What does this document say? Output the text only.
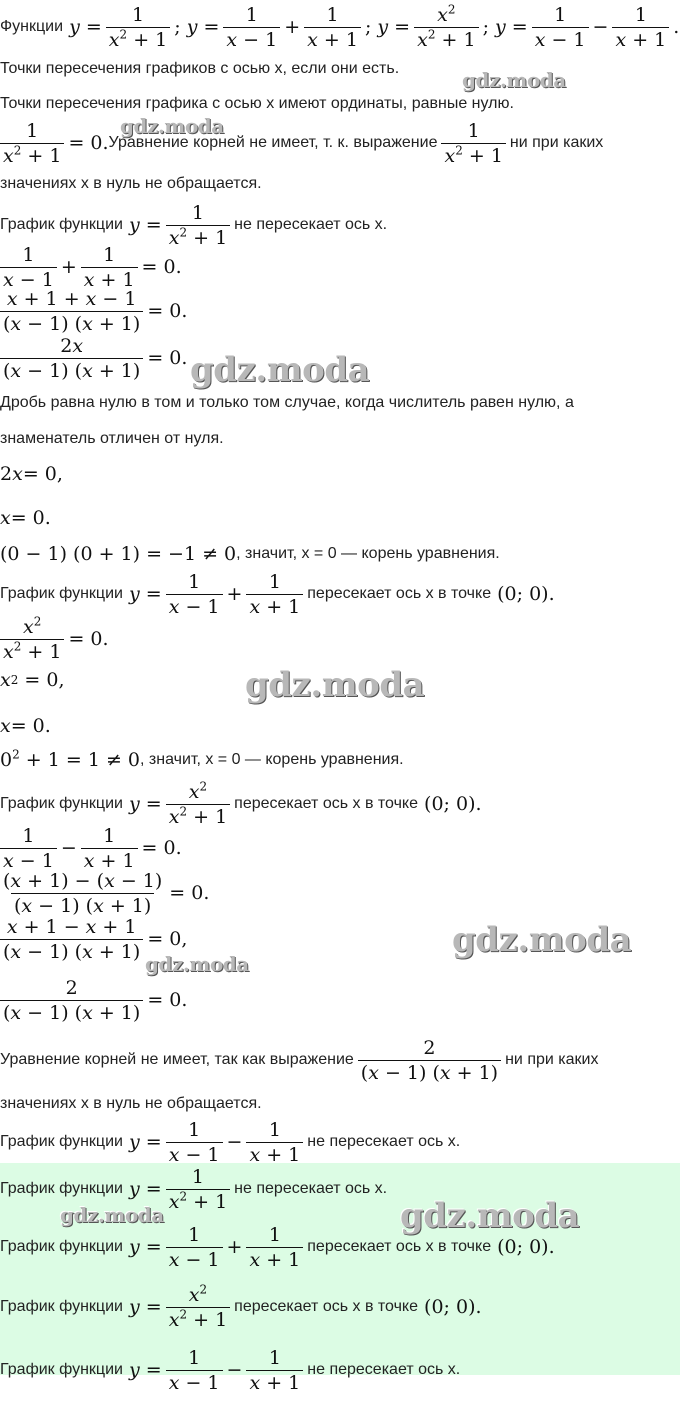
Функции $y = \frac{1}{x^2 + 1}$ ; $y = \frac{1}{x - 1} + \frac{1}{x + 1}$ ; $y = \frac{x^2}{x^2 + 1}$ ; $y = \frac{1}{x - 1} - \frac{1}{x + 1}$ .
Точки пересечения графиков с осью x, если они есть.	gdz.moda
Точки пересечения графика с осью x имеют ординаты, равные нулю.
gdz.moda
$\frac{1}{x^2 + 1} = 0$. Уравнение корней не имеет, т. к. выражение $\frac{1}{x^2 + 1}$ ни при каких
значениях x в нуль не обращается.
График функции $y = \frac{1}{x^2 + 1}$ не пересекает ось x.
$\frac{1}{x - 1} + \frac{1}{x + 1} = 0$.
$\frac{x + 1 + x - 1}{(x - 1) (x + 1)} = 0$.
$\frac{2x}{(x - 1) (x + 1)} = 0$. gdz.moda
Дробь равна нулю в том и только том случае, когда числитель равен нулю, а
знаменатель отличен от нуля.
2 x = 0,
x = 0.
(0 − 1) (0 + 1) = −1 ≠ 0 , значит, x = 0 — корень уравнения.
График функции $y = \frac{1}{x - 1} + \frac{1}{x + 1}$ пересекает ось x в точке
(0; 0).
$\frac{x^2}{x^2 + 1} = 0$.
x 2 = 0,	gdz.moda
x = 0.
$0^2 + 1 = 1 \ne 0$ , значит, x = 0 — корень уравнения.
График функции $y = \frac{x^2}{x^2 + 1}$ пересекает ось x в точке
(0; 0).
$\frac{1}{x - 1} - \frac{1}{x + 1} = 0$.
$\frac{(x + 1) - (x - 1)}{(x - 1) (x + 1)} = 0$.
$\frac{x + 1 - x + 1}{(x - 1) (x + 1)} = 0$,
gdz.moda
gdz.moda
$\frac{2}{(x - 1) (x + 1)} = 0$.
Уравнение корней не имеет, так как выражение $\frac{2}{(x - 1) (x + 1)}$ ни при каких
значениях x в нуль не обращается.
График функции $y = \frac{1}{x - 1} - \frac{1}{x + 1}$ не пересекает ось x.
График функции $y = \frac{1}{x^2 + 1}$ не пересекает ось x.
gdz.moda	gdz.moda
График функции $y = \frac{1}{x - 1} + \frac{1}{x + 1}$ пересекает ось x в точке
(0; 0).
График функции $y = \frac{x^2}{x^2 + 1}$ пересекает ось x в точке
(0; 0).
График функции $y = \frac{1}{x - 1} - \frac{1}{x + 1}$ не пересекает ось x.
